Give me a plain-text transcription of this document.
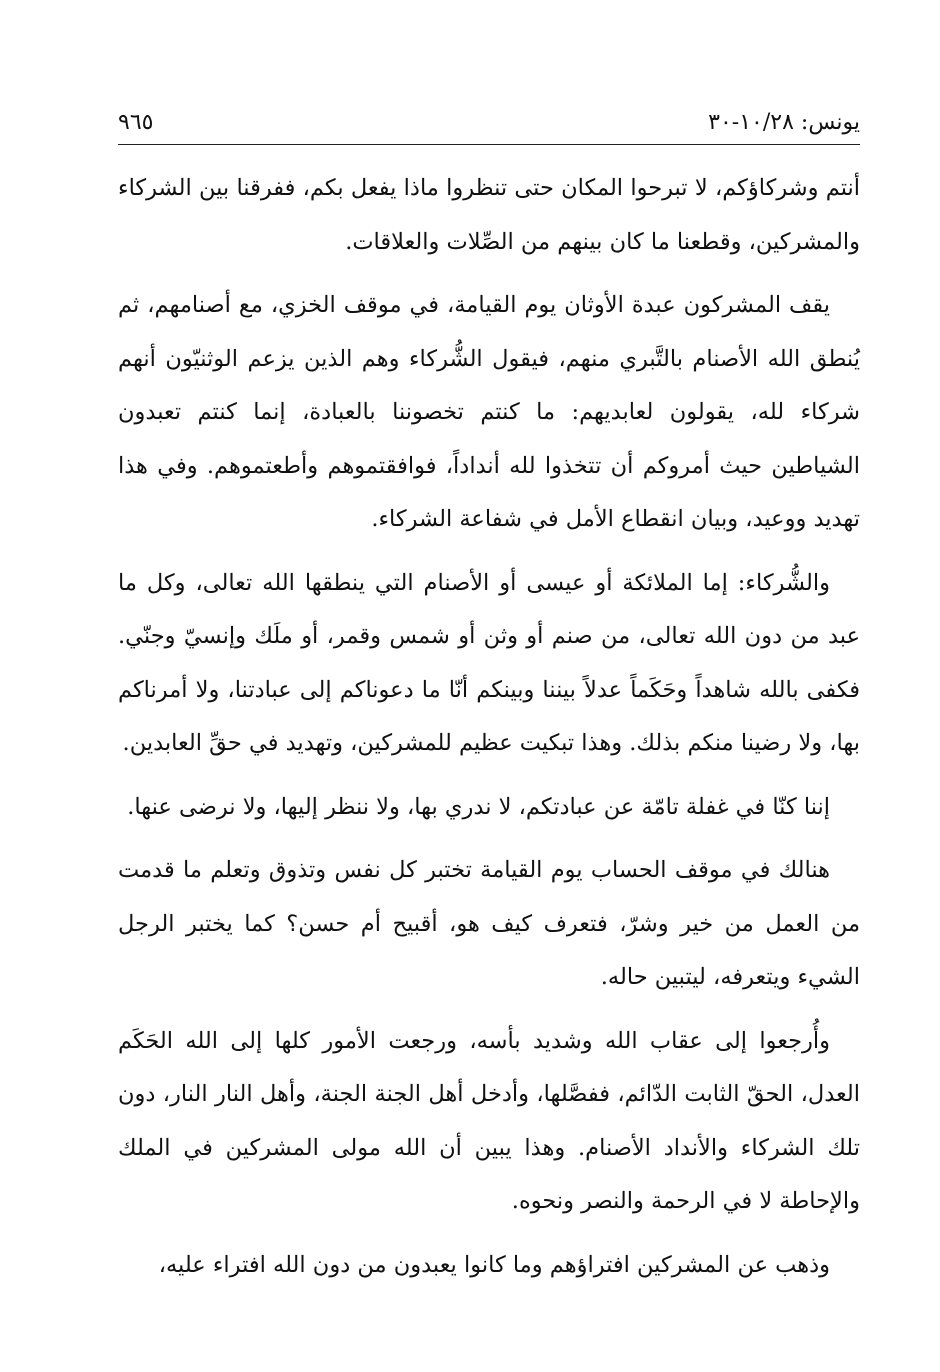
يونس: ١٠/٢٨-٣٠
٩٦٥

أنتم وشركاؤكم، لا تبرحوا المكان حتى تنظروا ماذا يفعل بكم، ففرقنا بين الشركاء والمشركين، وقطعنا ما كان بينهم من الصِّلات والعلاقات.

يقف المشركون عبدة الأوثان يوم القيامة، في موقف الخزي، مع أصنامهم، ثم يُنطق الله الأصنام بالتَّبري منهم، فيقول الشُّركاء وهم الذين يزعم الوثنيّون أنهم شركاء لله، يقولون لعابديهم: ما كنتم تخصوننا بالعبادة، إنما كنتم تعبدون الشياطين حيث أمروكم أن تتخذوا لله أنداداً، فوافقتموهم وأطعتموهم. وفي هذا تهديد ووعيد، وبيان انقطاع الأمل في شفاعة الشركاء.

والشُّركاء: إما الملائكة أو عيسى أو الأصنام التي ينطقها الله تعالى، وكل ما عبد من دون الله تعالى، من صنم أو وثن أو شمس وقمر، أو ملَك وإنسيّ وجنّي. فكفى بالله شاهداً وحَكَماً عدلاً بيننا وبينكم أنّا ما دعوناكم إلى عبادتنا، ولا أمرناكم بها، ولا رضينا منكم بذلك. وهذا تبكيت عظيم للمشركين، وتهديد في حقِّ العابدين.

إننا كنّا في غفلة تامّة عن عبادتكم، لا ندري بها، ولا ننظر إليها، ولا نرضى عنها.

هنالك في موقف الحساب يوم القيامة تختبر كل نفس وتذوق وتعلم ما قدمت من العمل من خير وشرّ، فتعرف كيف هو، أقبيح أم حسن؟ كما يختبر الرجل الشيء ويتعرفه، ليتبين حاله.

وأُرجعوا إلى عقاب الله وشديد بأسه، ورجعت الأمور كلها إلى الله الحَكَم العدل، الحقّ الثابت الدّائم، ففصَّلها، وأدخل أهل الجنة الجنة، وأهل النار النار، دون تلك الشركاء والأنداد الأصنام. وهذا يبين أن الله مولى المشركين في الملك والإحاطة لا في الرحمة والنصر ونحوه.

وذهب عن المشركين افتراؤهم وما كانوا يعبدون من دون الله افتراء عليه،
